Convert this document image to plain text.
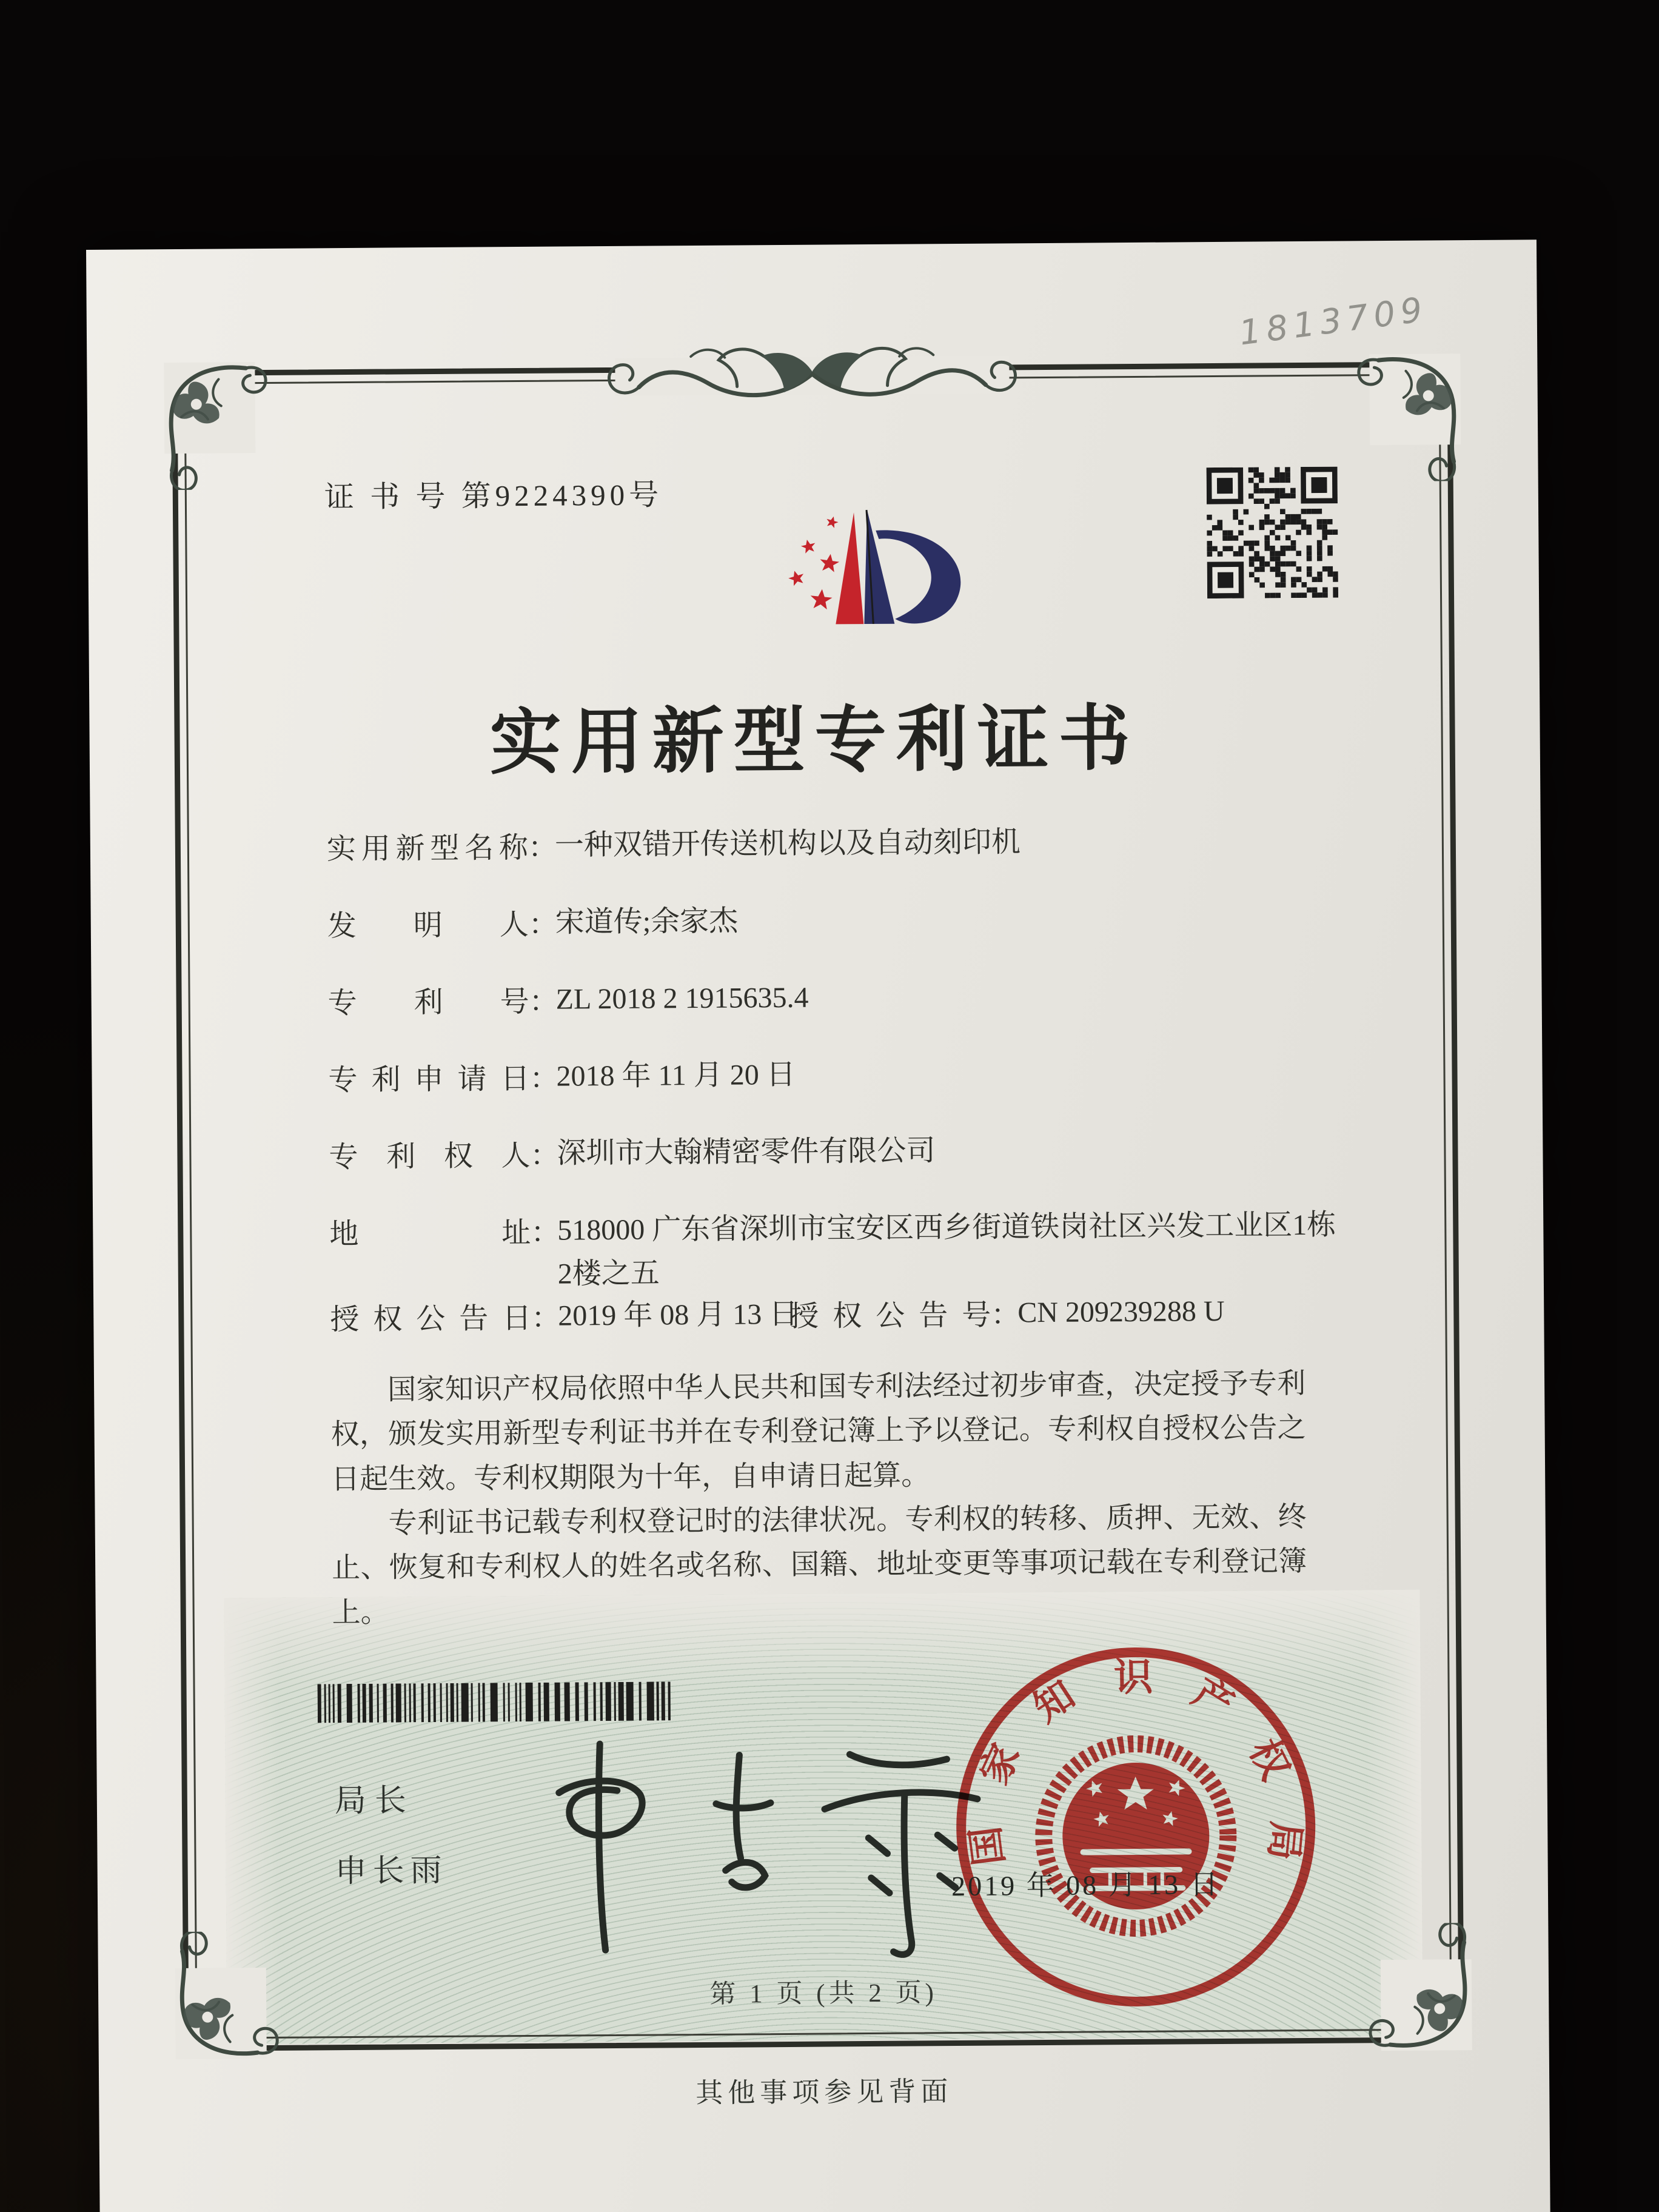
1813709
证 书 号 第9224390号
实用新型专利证书
实用新型名称 ：
一种双错开传送机构以及自动刻印机
发明人 ：
宋道传;余家杰
专利号 ：
ZL 2018 2 1915635.4
专利申请日 ：
2018 年 11 月 20 日
专利权人 ：
深圳市大翰精密零件有限公司
地址 ：
518000 广东省深圳市宝安区西乡街道铁岗社区兴发工业区1栋2楼之五
授权公告日 ：
2019 年 08 月 13 日
授权公告号 ：
CN 209239288 U

国家知识产权局依照中华人民共和国专利法经过初步审查，决定授予专利权，颁发实用新型专利证书并在专利登记簿上予以登记。专利权自授权公告之日起生效。专利权期限为十年，自申请日起算。

专利证书记载专利权登记时的法律状况。专利权的转移、质押、无效、终止、恢复和专利权人的姓名或名称、国籍、地址变更等事项记载在专利登记簿上。

局长
申长雨
国家知识产权局
2019 年 08 月 13 日
第 1 页 (共 2 页)
其他事项参见背面
